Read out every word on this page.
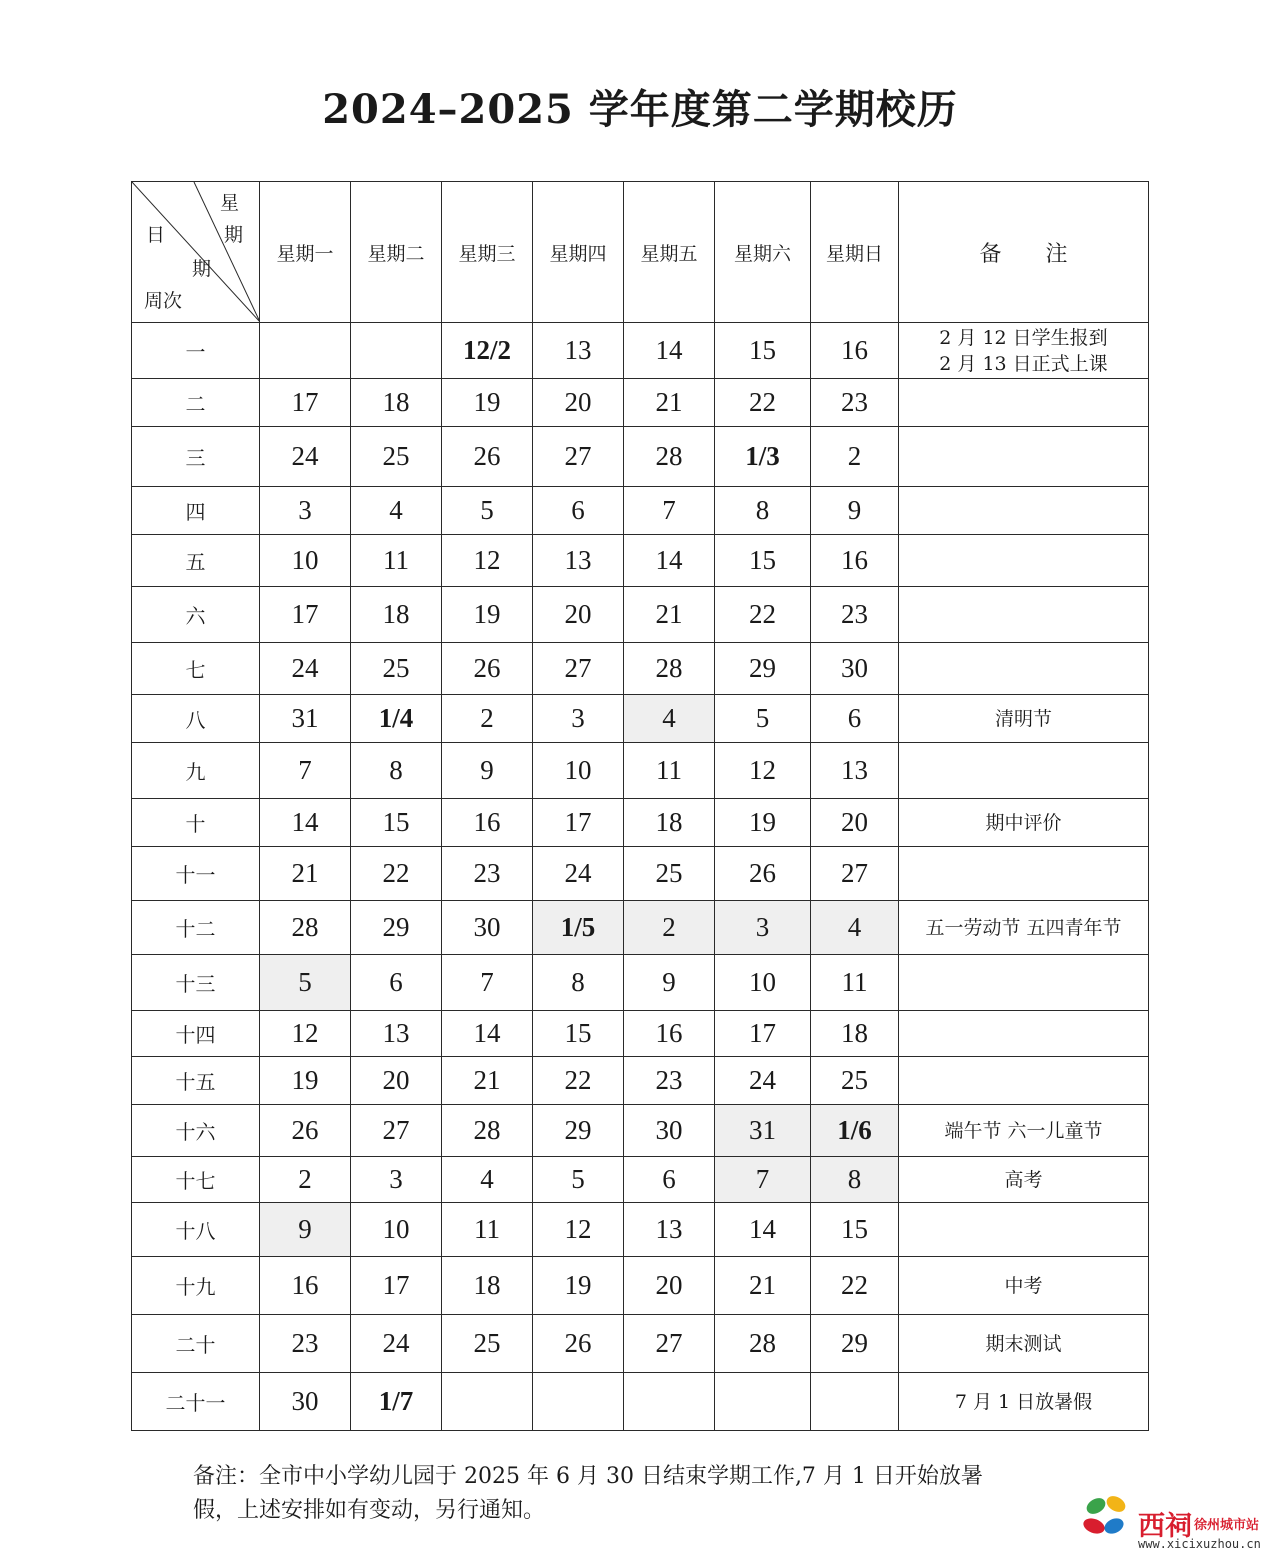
2024–2025 学年度第二学期校历
星
期
日
期
周次	星期一	星期二	星期三	星期四	星期五	星期六	星期日	备　　注
一			12/2	13	14	15	16	2 月 12 日学生报到
2 月 13 日正式上课

二	17	18	19	20	21	22	23	
三	24	25	26	27	28	1/3	2	
四	3	4	5	6	7	8	9	
五	10	11	12	13	14	15	16	
六	17	18	19	20	21	22	23	
七	24	25	26	27	28	29	30	
八	31	1/4	2	3	4	5	6	清明节

九	7	8	9	10	11	12	13	
十	14	15	16	17	18	19	20	期中评价

十一	21	22	23	24	25	26	27	
十二	28	29	30	1/5	2	3	4	五一劳动节 五四青年节

十三	5	6	7	8	9	10	11	
十四	12	13	14	15	16	17	18	
十五	19	20	21	22	23	24	25	
十六	26	27	28	29	30	31	1/6	端午节 六一儿童节

十七	2	3	4	5	6	7	8	高考

十八	9	10	11	12	13	14	15	
十九	16	17	18	19	20	21	22	中考

二十	23	24	25	26	27	28	29	期末测试

二十一	30	1/7						7 月 1 日放暑假
备注：全市中小学幼儿园于 2025 年 6 月 30 日结束学期工作,7 月 1 日开始放暑
假，上述安排如有变动，另行通知。
西祠 徐州城市站
www.xicixuzhou.cn
